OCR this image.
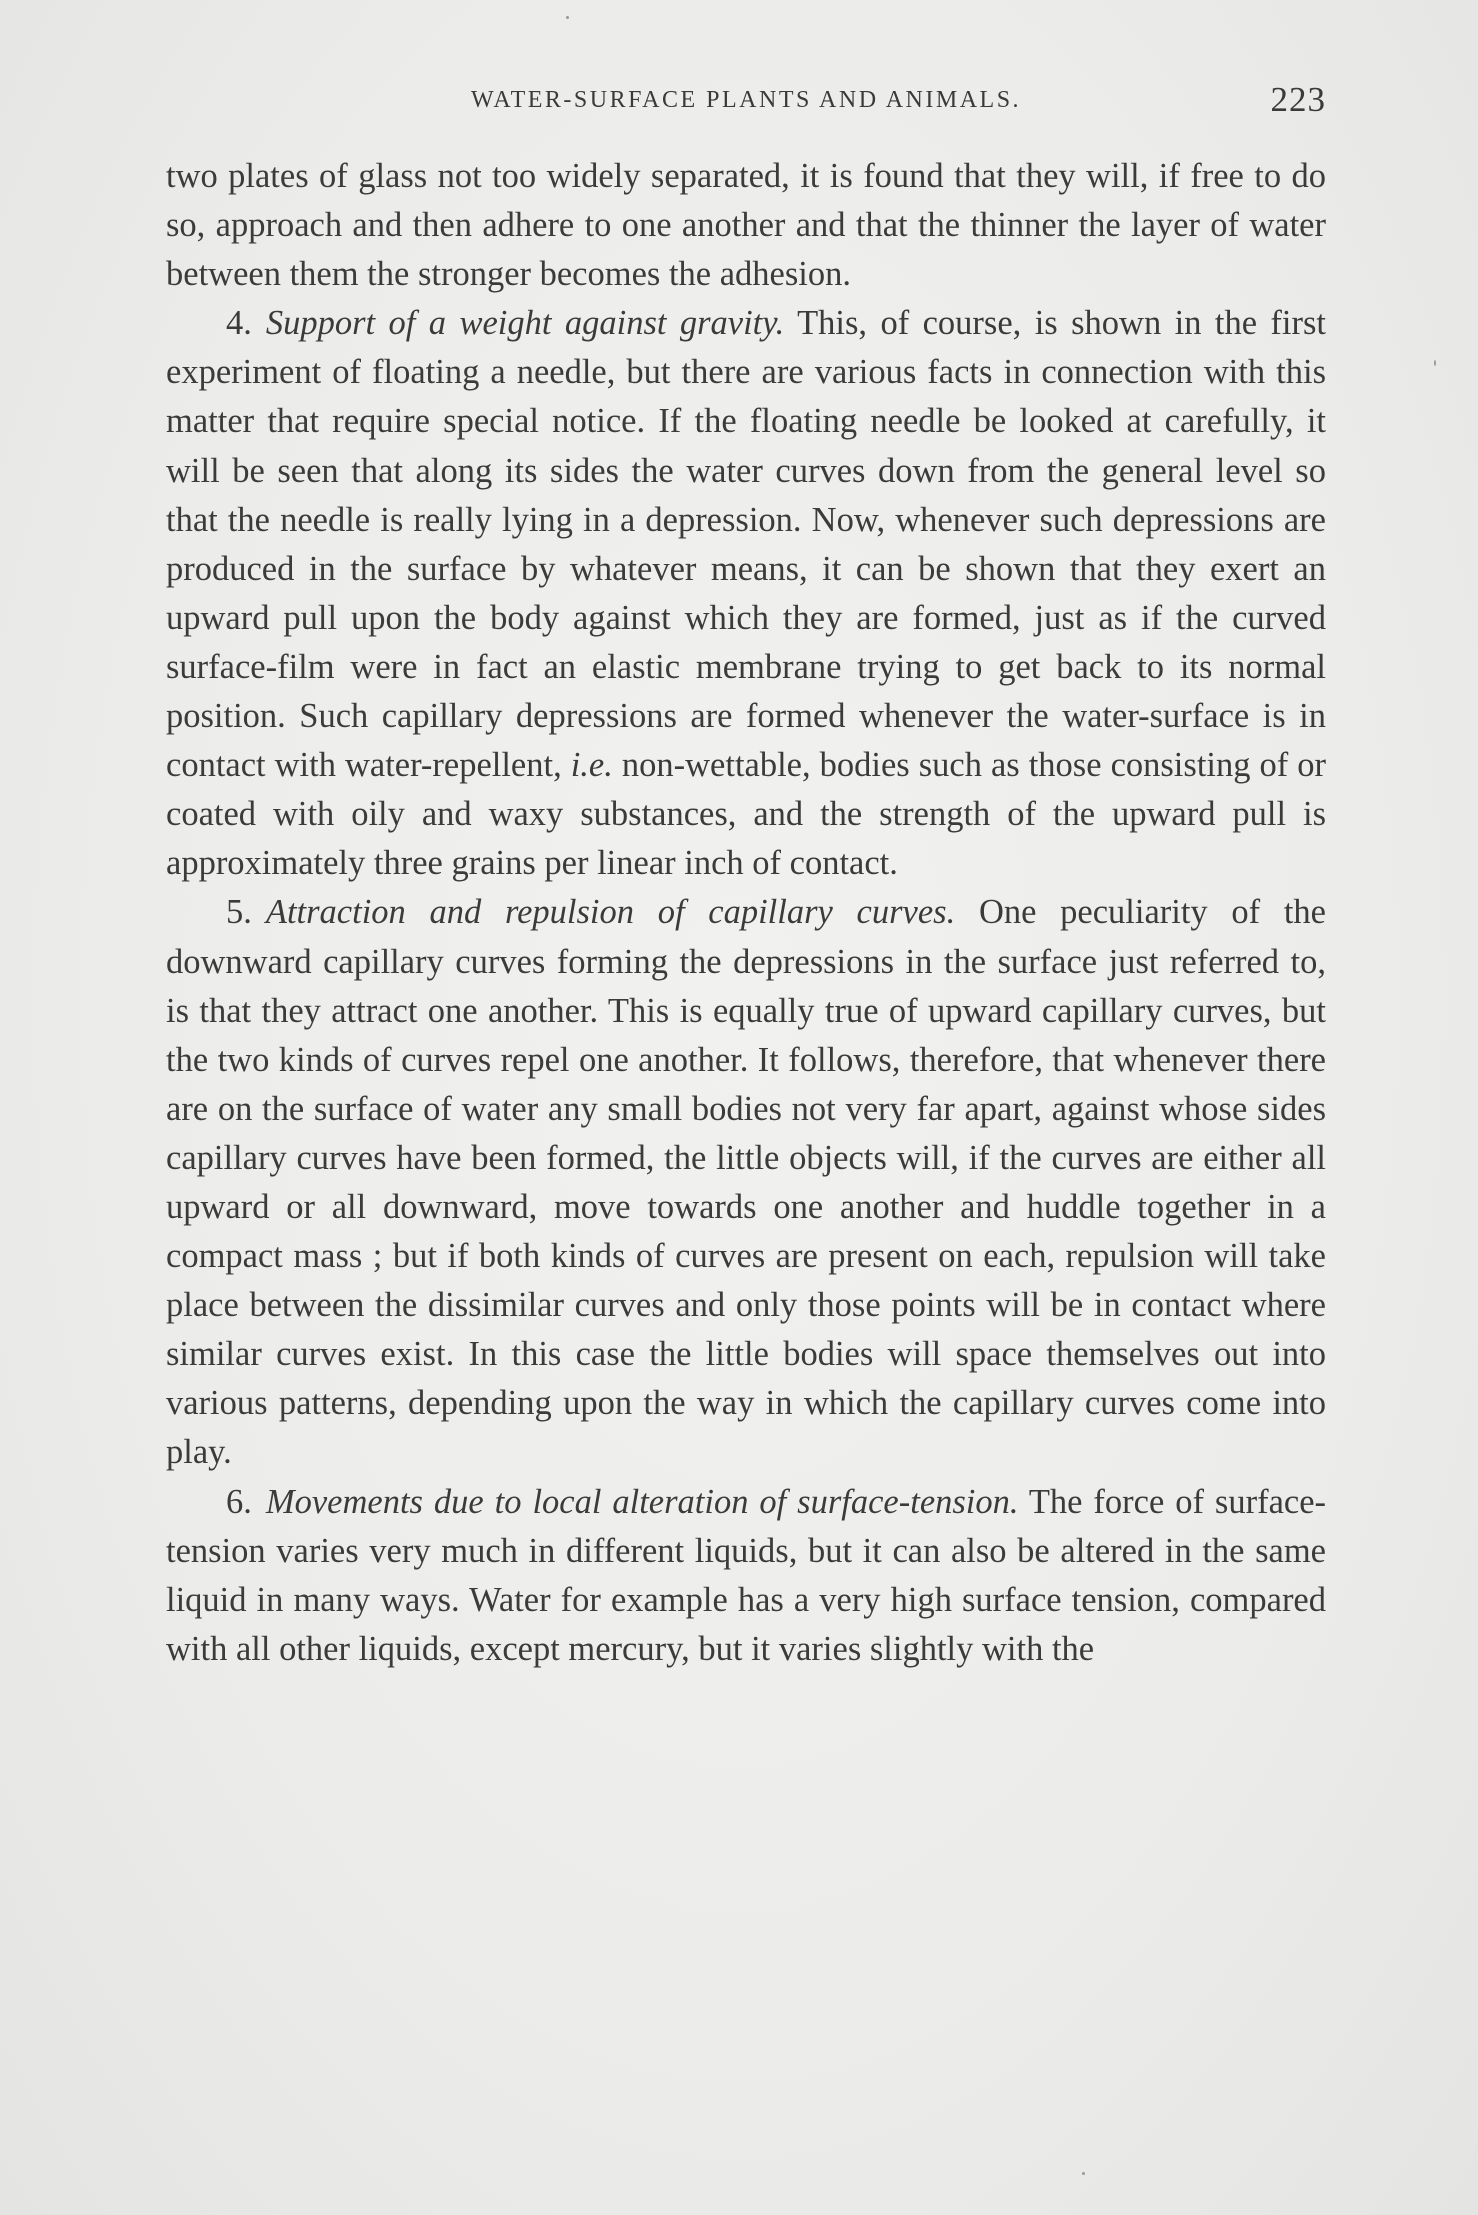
WATER-SURFACE PLANTS AND ANIMALS.	223

two plates of glass not too widely separated, it is found that they will, if free to do so, approach and then adhere to one another and that the thinner the layer of water between them the stronger becomes the adhesion.

4. Support of a weight against gravity. This, of course, is shown in the first experiment of floating a needle, but there are various facts in connection with this matter that require special notice. If the floating needle be looked at carefully, it will be seen that along its sides the water curves down from the general level so that the needle is really lying in a depression. Now, whenever such depressions are produced in the surface by whatever means, it can be shown that they exert an upward pull upon the body against which they are formed, just as if the curved surface-film were in fact an elastic membrane trying to get back to its normal position. Such capillary depressions are formed whenever the water-surface is in contact with water-repellent, i.e. non-wettable, bodies such as those consisting of or coated with oily and waxy substances, and the strength of the upward pull is approximately three grains per linear inch of contact.

5. Attraction and repulsion of capillary curves. One peculiarity of the downward capillary curves forming the depressions in the surface just referred to, is that they attract one another. This is equally true of upward capillary curves, but the two kinds of curves repel one another. It follows, therefore, that whenever there are on the surface of water any small bodies not very far apart, against whose sides capillary curves have been formed, the little objects will, if the curves are either all upward or all downward, move towards one another and huddle together in a compact mass ; but if both kinds of curves are present on each, repulsion will take place between the dissimilar curves and only those points will be in contact where similar curves exist. In this case the little bodies will space themselves out into various patterns, depending upon the way in which the capillary curves come into play.

6. Movements due to local alteration of surface-tension. The force of surface-tension varies very much in different liquids, but it can also be altered in the same liquid in many ways. Water for example has a very high surface tension, compared with all other liquids, except mercury, but it varies slightly with the
